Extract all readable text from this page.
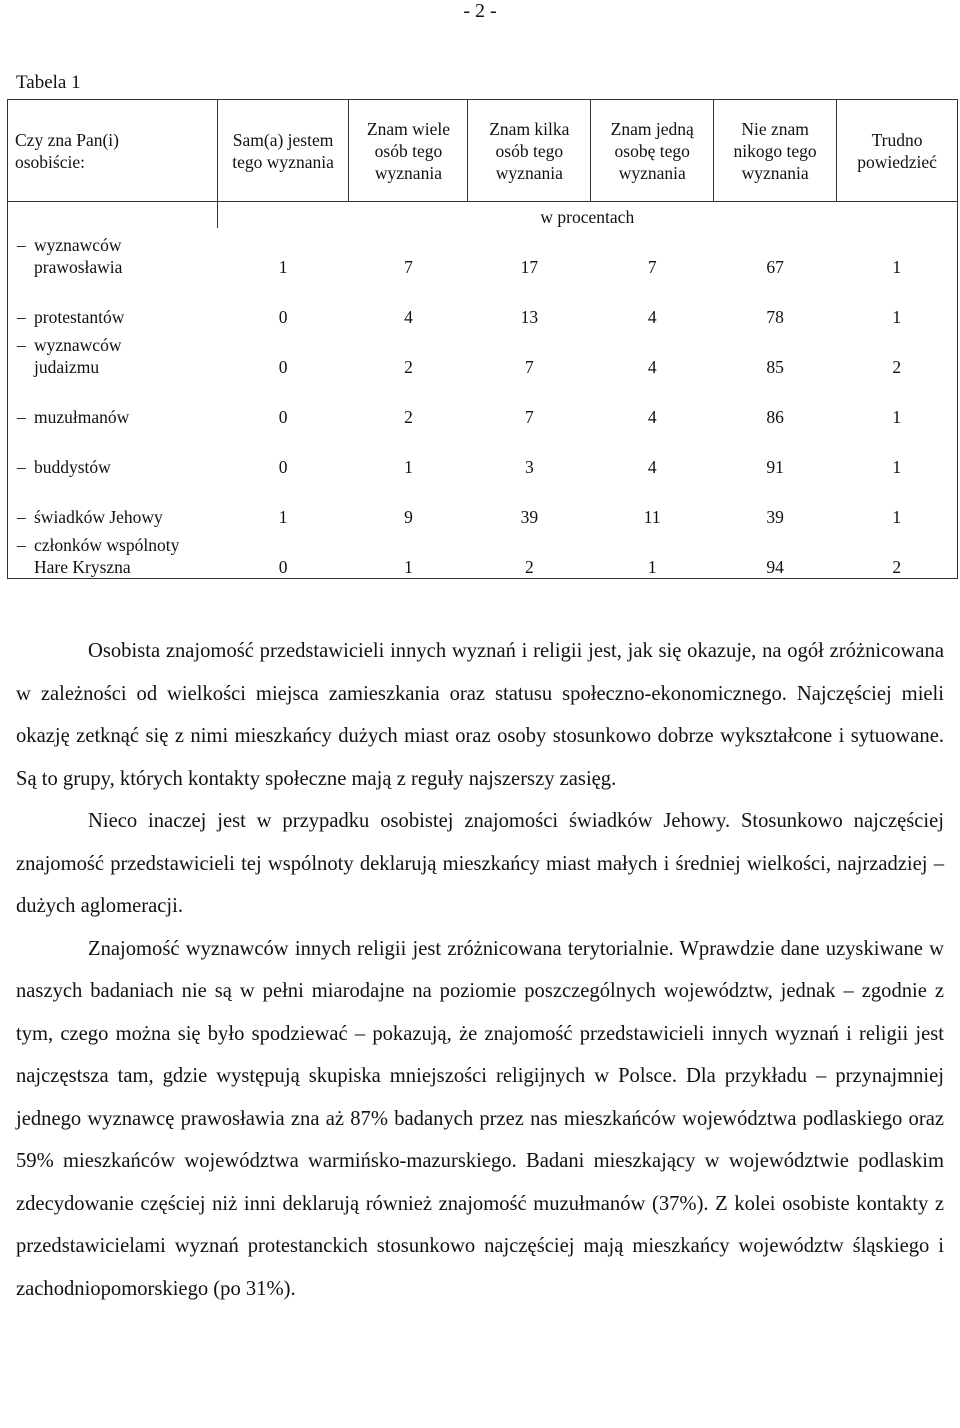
- 2 -
Tabela 1
Czy zna Pan(i) osobiście:	Sam(a) jestem tego wyznania	Znam wiele osób tego wyznania	Znam kilka osób tego wyznania	Znam jedną osobę tego wyznania	Nie znam nikogo tego wyznania	Trudno powiedzieć

	w procentach					

– wyznawców
prawosławia	1	7	17	7	67	1

– protestantów	0	4	13	4	78	1

– wyznawców
judaizmu	0	2	7	4	85	2

– muzułmanów	0	2	7	4	86	1

– buddystów	0	1	3	4	91	1

– świadków Jehowy	1	9	39	11	39	1

– członków wspólnoty
Hare Kryszna	0	1	2	1	94	2

Osobista znajomość przedstawicieli innych wyznań i religii jest, jak się okazuje, na ogół zróżnicowana w zależności od wielkości miejsca zamieszkania oraz statusu społeczno-ekonomicznego. Najczęściej mieli okazję zetknąć się z nimi mieszkańcy dużych miast oraz osoby stosunkowo dobrze wykształcone i sytuowane. Są to grupy, których kontakty społeczne mają z reguły najszerszy zasięg.

Nieco inaczej jest w przypadku osobistej znajomości świadków Jehowy. Stosunkowo najczęściej znajomość przedstawicieli tej wspólnoty deklarują mieszkańcy miast małych i średniej wielkości, najrzadziej – dużych aglomeracji.

Znajomość wyznawców innych religii jest zróżnicowana terytorialnie. Wprawdzie dane uzyskiwane w naszych badaniach nie są w pełni miarodajne na poziomie poszczególnych województw, jednak – zgodnie z tym, czego można się było spodziewać – pokazują, że znajomość przedstawicieli innych wyznań i religii jest najczęstsza tam, gdzie występują skupiska mniejszości religijnych w Polsce. Dla przykładu – przynajmniej jednego wyznawcę prawosławia zna aż 87% badanych przez nas mieszkańców województwa podlaskiego oraz 59% mieszkańców województwa warmińsko-mazurskiego. Badani mieszkający w województwie podlaskim zdecydowanie częściej niż inni deklarują również znajomość muzułmanów (37%). Z kolei osobiste kontakty z przedstawicielami wyznań protestanckich stosunkowo najczęściej mają mieszkańcy województw śląskiego i zachodniopomorskiego (po 31%).
